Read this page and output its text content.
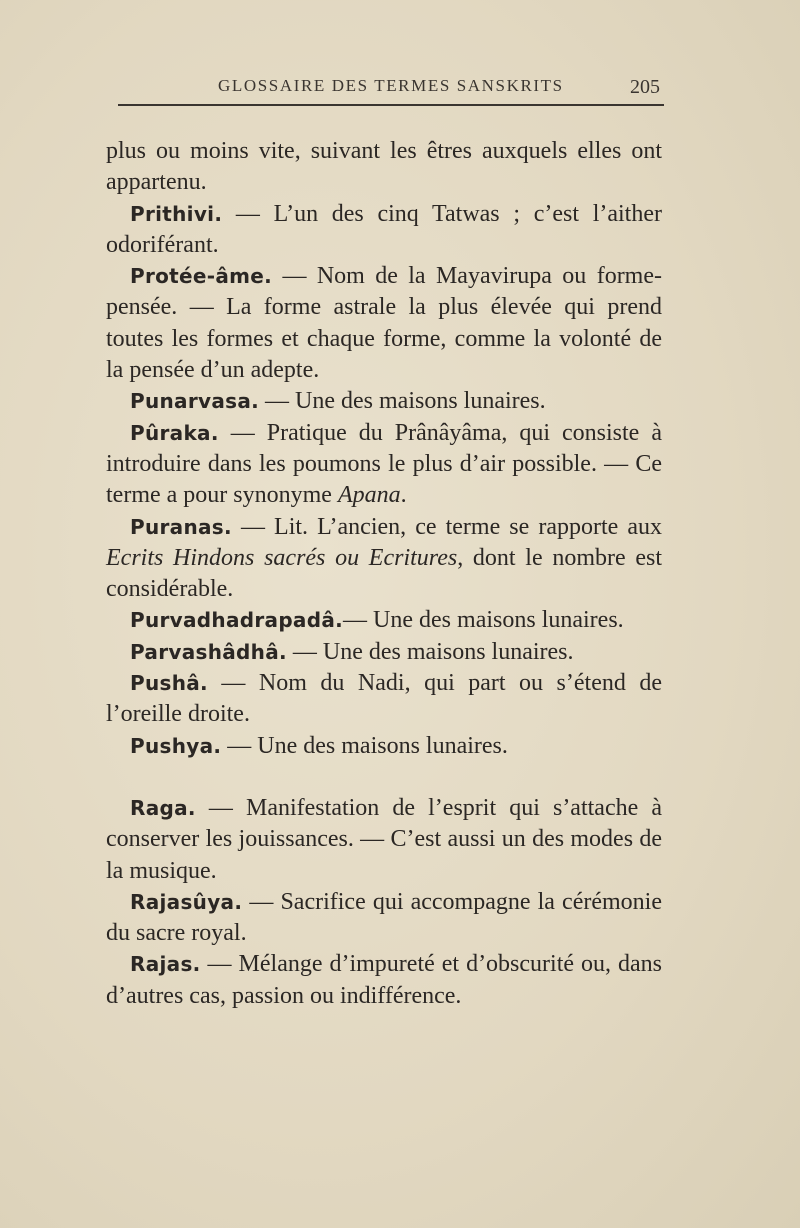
GLOSSAIRE DES TERMES SANSKRITS	205

plus ou moins vite, suivant les êtres auxquels elles ont appartenu.

Prithivi. — L’un des cinq Tatwas ; c’est l’aither odoriférant.

Protée-âme. — Nom de la Mayavirupa ou forme-pensée. — La forme astrale la plus élevée qui prend toutes les formes et chaque forme, comme la volonté de la pensée d’un adepte.

Punarvasa. — Une des maisons lunaires.

Pûraka. — Pratique du Prânâyâma, qui consiste à introduire dans les poumons le plus d’air possible. — Ce terme a pour synonyme Apana.

Puranas. — Lit. L’ancien, ce terme se rapporte aux Ecrits Hindons sacrés ou Ecritures, dont le nombre est considérable.

Purvadhadrapadâ.— Une des maisons lunaires.

Parvashâdhâ. — Une des maisons lunaires.

Pushâ. — Nom du Nadi, qui part ou s’étend de l’oreille droite.

Pushya. — Une des maisons lunaires.

Raga. — Manifestation de l’esprit qui s’attache à conserver les jouissances. — C’est aussi un des modes de la musique.

Rajasûya. — Sacrifice qui accompagne la cérémonie du sacre royal.

Rajas. — Mélange d’impureté et d’obscurité ou, dans d’autres cas, passion ou indifférence.
